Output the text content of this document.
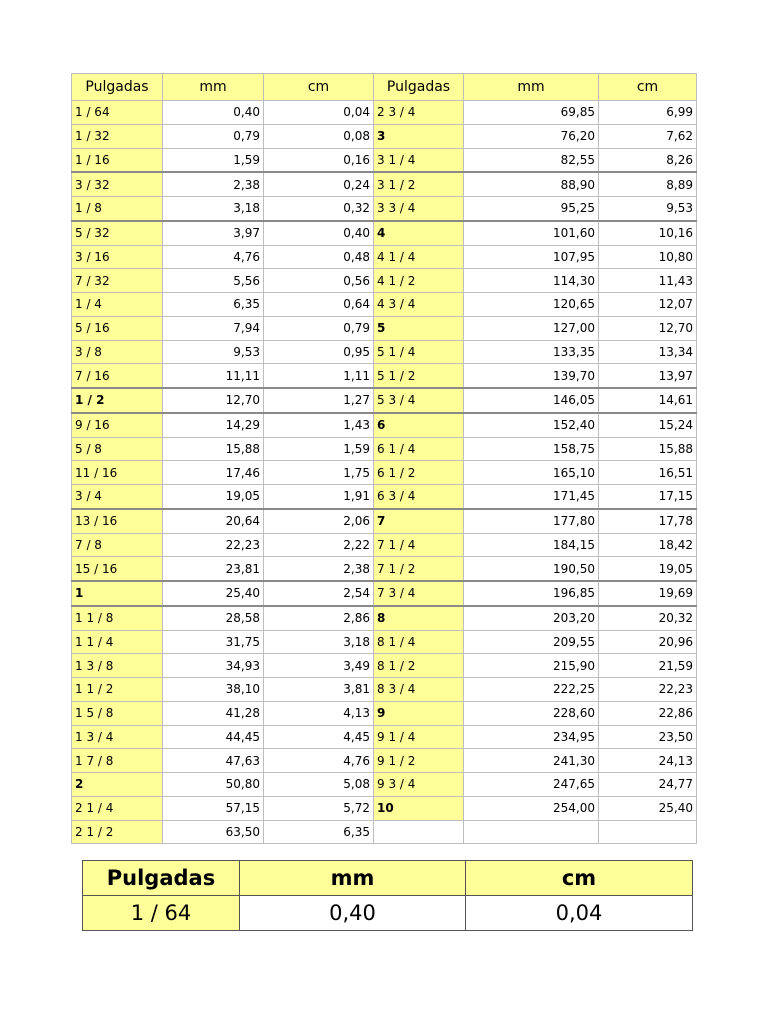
Pulgadas	mm	cm	Pulgadas	mm	cm
1 / 64	0,40	0,04	2 3 / 4	69,85	6,99
1 / 32	0,79	0,08	3	76,20	7,62
1 / 16	1,59	0,16	3 1 / 4	82,55	8,26
3 / 32	2,38	0,24	3 1 / 2	88,90	8,89
1 / 8	3,18	0,32	3 3 / 4	95,25	9,53
5 / 32	3,97	0,40	4	101,60	10,16
3 / 16	4,76	0,48	4 1 / 4	107,95	10,80
7 / 32	5,56	0,56	4 1 / 2	114,30	11,43
1 / 4	6,35	0,64	4 3 / 4	120,65	12,07
5 / 16	7,94	0,79	5	127,00	12,70
3 / 8	9,53	0,95	5 1 / 4	133,35	13,34
7 / 16	11,11	1,11	5 1 / 2	139,70	13,97
1 / 2	12,70	1,27	5 3 / 4	146,05	14,61
9 / 16	14,29	1,43	6	152,40	15,24
5 / 8	15,88	1,59	6 1 / 4	158,75	15,88
11 / 16	17,46	1,75	6 1 / 2	165,10	16,51
3 / 4	19,05	1,91	6 3 / 4	171,45	17,15
13 / 16	20,64	2,06	7	177,80	17,78
7 / 8	22,23	2,22	7 1 / 4	184,15	18,42
15 / 16	23,81	2,38	7 1 / 2	190,50	19,05
1	25,40	2,54	7 3 / 4	196,85	19,69
1 1 / 8	28,58	2,86	8	203,20	20,32
1 1 / 4	31,75	3,18	8 1 / 4	209,55	20,96
1 3 / 8	34,93	3,49	8 1 / 2	215,90	21,59
1 1 / 2	38,10	3,81	8 3 / 4	222,25	22,23
1 5 / 8	41,28	4,13	9	228,60	22,86
1 3 / 4	44,45	4,45	9 1 / 4	234,95	23,50
1 7 / 8	47,63	4,76	9 1 / 2	241,30	24,13
2	50,80	5,08	9 3 / 4	247,65	24,77
2 1 / 4	57,15	5,72	10	254,00	25,40
2 1 / 2	63,50	6,35			
Pulgadas	mm	cm
1 / 64	0,40	0,04
